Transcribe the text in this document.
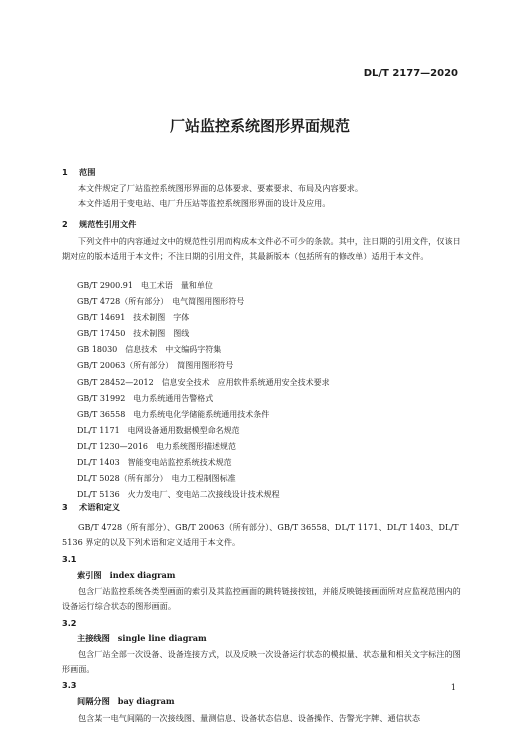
DL/T 2177—2020
厂站监控系统图形界面规范
1 范围
本文件规定了厂站监控系统图形界面的总体要求、要素要求、布局及内容要求。
本文件适用于变电站、电厂升压站等监控系统图形界面的设计及应用。
2 规范性引用文件
下列文件中的内容通过文中的规范性引用而构成本文件必不可少的条款。其中，注日期的引用文件，仅该日期对应的版本适用于本文件；不注日期的引用文件，其最新版本（包括所有的修改单）适用于本文件。
GB/T 2900.91　电工术语　量和单位
GB/T 4728（所有部分）　电气简图用图形符号
GB/T 14691　技术制图　字体
GB/T 17450　技术制图　图线
GB 18030　信息技术　中文编码字符集
GB/T 20063（所有部分）　简图用图形符号
GB/T 28452—2012　信息安全技术　应用软件系统通用安全技术要求
GB/T 31992　电力系统通用告警格式
GB/T 36558　电力系统电化学储能系统通用技术条件
DL/T 1171　电网设备通用数据模型命名规范
DL/T 1230—2016　电力系统图形描述规范
DL/T 1403　智能变电站监控系统技术规范
DL/T 5028（所有部分）　电力工程制图标准
DL/T 5136　火力发电厂、变电站二次接线设计技术规程
3 术语和定义
GB/T 4728（所有部分）、GB/T 20063（所有部分）、GB/T 36558、DL/T 1171、DL/T 1403、DL/T 5136 界定的以及下列术语和定义适用于本文件。
3.1
索引图 index diagram
包含厂站监控系统各类型画面的索引及其监控画面的跳转链接按钮，并能反映链接画面所对应监视范围内的设备运行综合状态的图形画面。
3.2
主接线图 single line diagram
包含厂站全部一次设备、设备连接方式，以及反映一次设备运行状态的模拟量、状态量和相关文字标注的图形画面。
3.3
间隔分图 bay diagram
包含某一电气间隔的一次接线图、量测信息、设备状态信息、设备操作、告警光字牌、通信状态
1
